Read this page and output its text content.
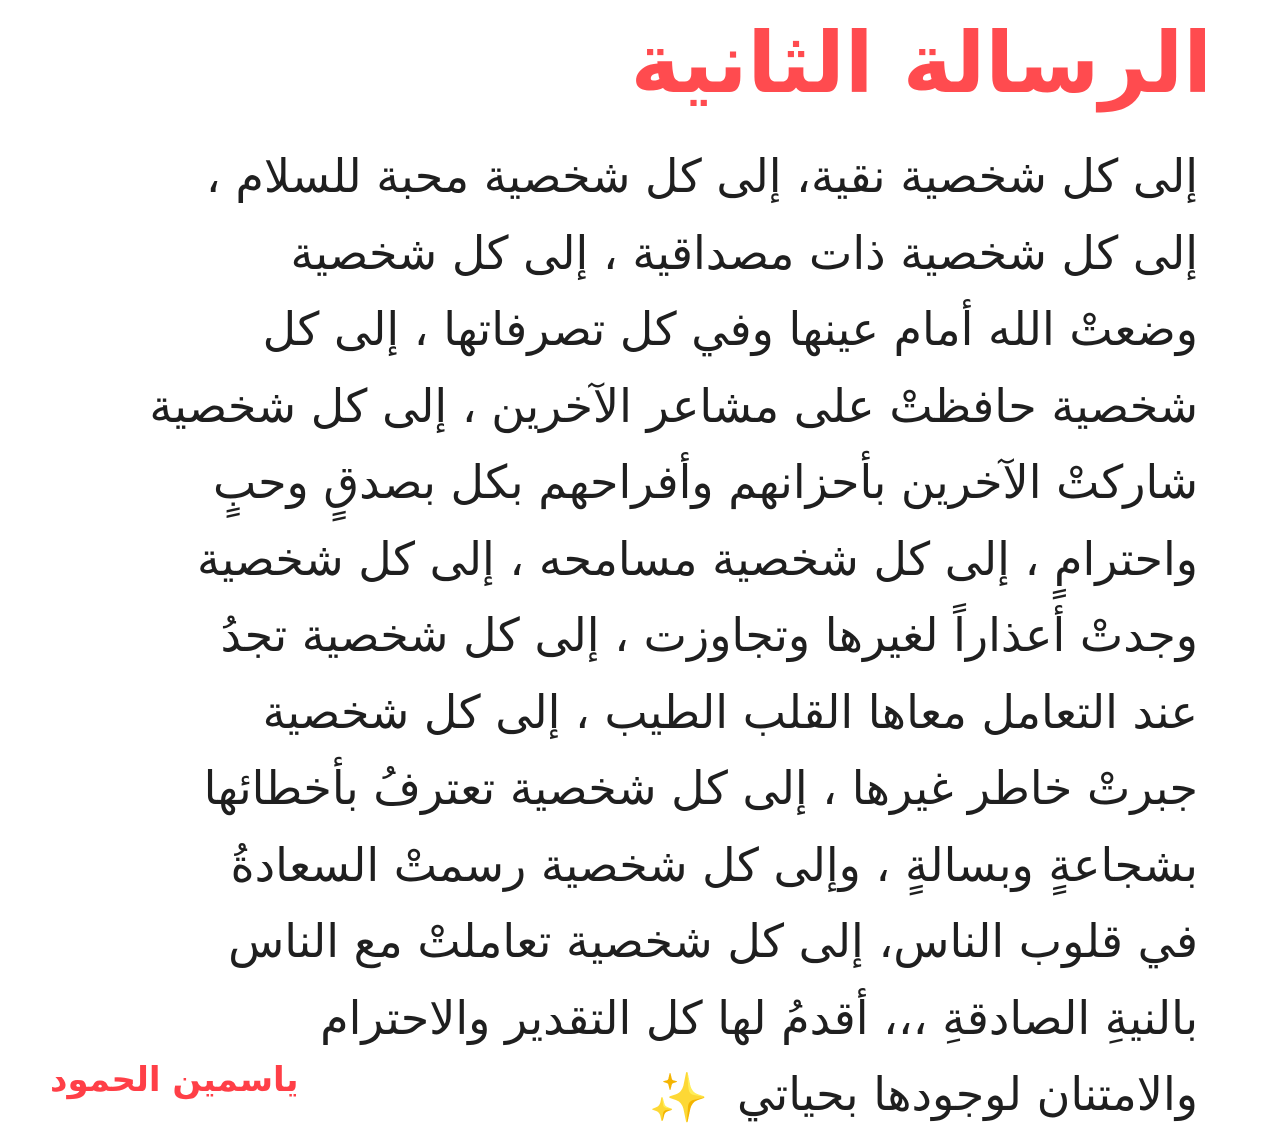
الرسالة الثانية
إلى كل شخصية نقية، إلى كل شخصية محبة للسلام ،
إلى كل شخصية ذات مصداقية ، إلى كل شخصية
وضعتْ الله أمام عينها وفي كل تصرفاتها ، إلى كل
شخصية حافظتْ على مشاعر الآخرين ، إلى كل شخصية
شاركتْ الآخرين بأحزانهم وأفراحهم بكل بصدقٍ وحبٍ
واحترامٍ ، إلى كل شخصية مسامحه ، إلى كل شخصية
وجدتْ أعذاراً لغيرها وتجاوزت ، إلى كل شخصية تجدُ
عند التعامل معاها القلب الطيب ، إلى كل شخصية
جبرتْ خاطر غيرها ، إلى كل شخصية تعترفُ بأخطائها
بشجاعةٍ وبسالةٍ ، وإلى كل شخصية رسمتْ السعادةُ
في قلوب الناس، إلى كل شخصية تعاملتْ مع الناس
بالنيةِ الصادقةِ ،،، أقدمُ لها كل التقدير والاحترام
والامتنان لوجودها بحياتي ✨
ياسمين الحمود
